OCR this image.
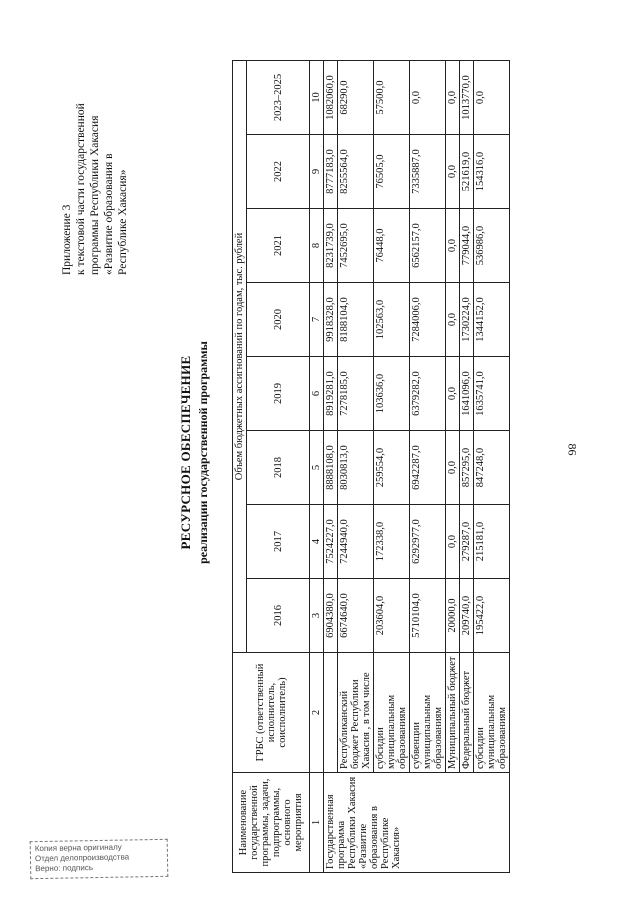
86
Приложение 3 к текстовой части государственной программы Республики Хакасия «Развитие образования в Республике Хакасия»
РЕСУРСНОЕ ОБЕСПЕЧЕНИЕ реализации государственной программы
Наименование государственной программы, задачи, подпрограммы, основного мероприятия	ГРБС (ответственный исполнитель, соисполнитель)	Объем бюджетных ассигнований по годам, тыс. рублей							
		2016	2017	2018	2019	2020	2021	2022	2023–2025
1	2	3	4	5	6	7	8	9	10
Государственная программа Республики Хакасия «Развитие образования в Республике Хакасия»		6904380,0	7524227,0	8888108,0	8919281,0	9918328,0	8231739,0	8777183,0	1082060,0
	Республиканский бюджет Республики Хакасия , в том числе	6674640,0	7244940,0	8030813,0	7278185,0	8188104,0	7452695,0	8255564,0	68290,0
	субсидии муниципальным образованиям	203604,0	172338,0	259554,0	103636,0	102563,0	76448,0	76505,0	57500,0
	субвенции муниципальным образованиям	5710104,0	6292977,0	6942287,0	6379282,0	7284006,0	6562157,0	7335887,0	0,0
	Муниципальный бюджет	20000,0	0,0	0,0	0,0	0,0	0,0	0,0	0,0
	Федеральный бюджет	209740,0	279287,0	857295,0	1641096,0	1730224,0	779044,0	521619,0	1013770,0
	субсидии муниципальным образованиям	195422,0	215181,0	847248,0	1635741,0	1344152,0	536986,0	154316,0	0,0
Копия верна оригиналу
Отдел делопроизводства
Верно: подпись
